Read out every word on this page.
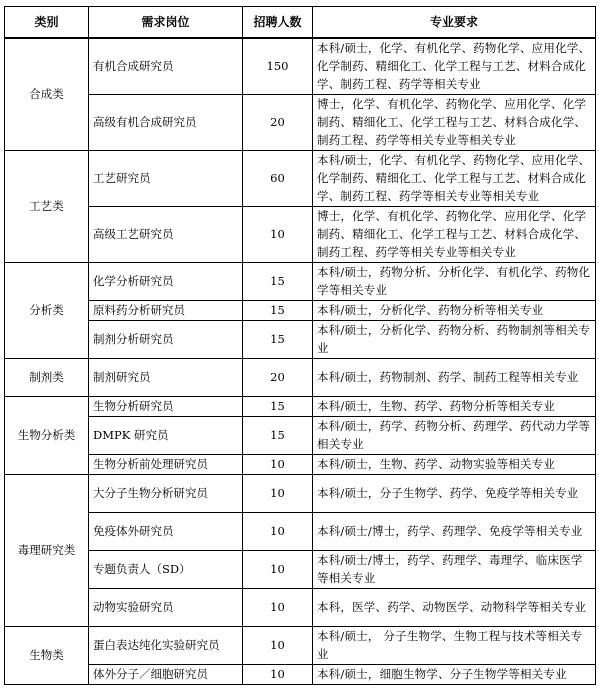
类别	需求岗位	招聘人数	专业要求
合成类	有机合成研究员	150	本科/硕士，化学、有机化学、药物化学、应用化学、化学制药、精细化工、化学工程与工艺、材料合成化学、制药工程、药学等相关专业
	高级有机合成研究员	20	博士，化学、有机化学、药物化学、应用化学、化学制药、精细化工、化学工程与工艺、材料合成化学、制药工程、药学等相关专业等相关专业
工艺类	工艺研究员	60	本科/硕士，化学、有机化学、药物化学、应用化学、化学制药、精细化工、化学工程与工艺、材料合成化学、制药工程、药学等相关专业等相关专业
	高级工艺研究员	10	博士，化学、有机化学、药物化学、应用化学、化学制药、精细化工、化学工程与工艺、材料合成化学、制药工程、药学等相关专业等相关专业
分析类	化学分析研究员	15	本科/硕士，药物分析、分析化学、有机化学、药物化学等相关专业
	原料药分析研究员	15	本科/硕士，分析化学、药物分析等相关专业
	制剂分析研究员	15	本科/硕士，分析化学、药物分析、药物制剂等相关专业
制剂类	制剂研究员	20	本科/硕士，药物制剂、药学、制药工程等相关专业
生物分析类	生物分析研究员	15	本科/硕士，生物、药学、药物分析等相关专业
	DMPK 研究员	15	本科/硕士，药学、药物分析、药理学、药代动力学等相关专业
	生物分析前处理研究员	10	本科/硕士，生物、药学、动物实验等相关专业
毒理研究类	大分子生物分析研究员	10	本科/硕士，分子生物学、药学、免疫学等相关专业
	免疫体外研究员	10	本科/硕士/博士，药学、药理学、免疫学等相关专业
	专题负责人（SD）	10	本科/硕士/博士，药学、药理学、毒理学、临床医学等相关专业
	动物实验研究员	10	本科，医学、药学、动物医学、动物科学等相关专业
生物类	蛋白表达纯化实验研究员	10	本科/硕士， 分子生物学、生物工程与技术等相关专业
	体外分子／细胞研究员	10	本科/硕士，细胞生物学、分子生物学等相关专业
